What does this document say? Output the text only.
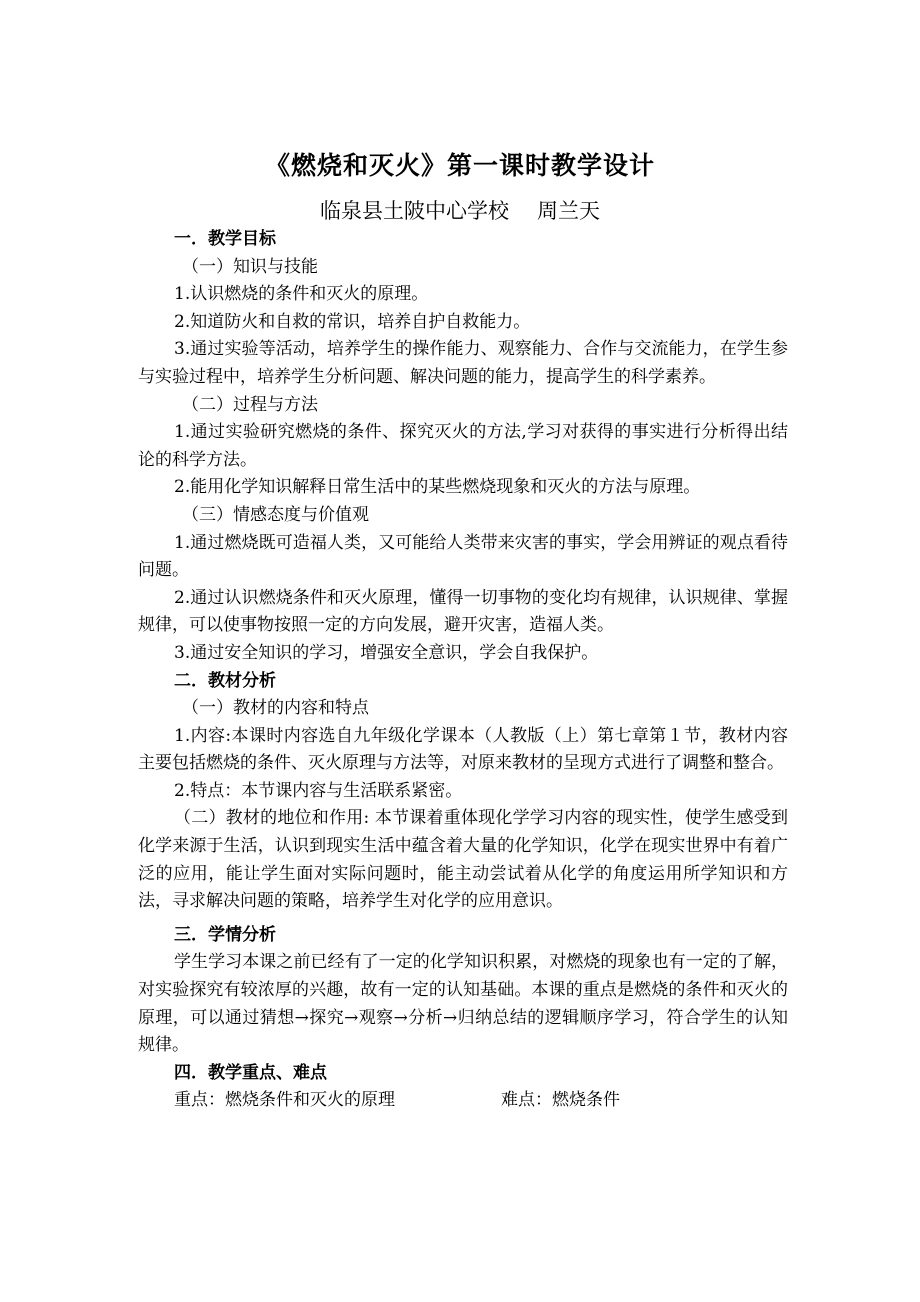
《燃烧和灭火》第一课时教学设计
临泉县土陂中心学校 周兰天

一．教学目标

（一）知识与技能

1.认识燃烧的条件和灭火的原理。

2.知道防火和自救的常识，培养自护自救能力。

3.通过实验等活动，培养学生的操作能力、观察能力、合作与交流能力，在学生参与实验过程中，培养学生分析问题、解决问题的能力，提高学生的科学素养。

（二）过程与方法

1.通过实验研究燃烧的条件、探究灭火的方法,学习对获得的事实进行分析得出结论的科学方法。

2.能用化学知识解释日常生活中的某些燃烧现象和灭火的方法与原理。

（三）情感态度与价值观

1.通过燃烧既可造福人类，又可能给人类带来灾害的事实，学会用辨证的观点看待问题。

2.通过认识燃烧条件和灭火原理，懂得一切事物的变化均有规律，认识规律、掌握规律，可以使事物按照一定的方向发展，避开灾害，造福人类。

3.通过安全知识的学习，增强安全意识，学会自我保护。

二．教材分析

（一）教材的内容和特点

1.内容:本课时内容选自九年级化学课本（人教版（上）第七章第１节，教材内容主要包括燃烧的条件、灭火原理与方法等，对原来教材的呈现方式进行了调整和整合。

2.特点：本节课内容与生活联系紧密。

（二）教材的地位和作用: 本节课着重体现化学学习内容的现实性，使学生感受到化学来源于生活，认识到现实生活中蕴含着大量的化学知识，化学在现实世界中有着广泛的应用，能让学生面对实际问题时，能主动尝试着从化学的角度运用所学知识和方法，寻求解决问题的策略，培养学生对化学的应用意识。

三．学情分析

学生学习本课之前已经有了一定的化学知识积累，对燃烧的现象也有一定的了解，对实验探究有较浓厚的兴趣，故有一定的认知基础。本课的重点是燃烧的条件和灭火的原理，可以通过猜想→探究→观察→分析→归纳总结的逻辑顺序学习，符合学生的认知规律。

四．教学重点、难点

重点：燃烧条件和灭火的原理	难点：燃烧条件
